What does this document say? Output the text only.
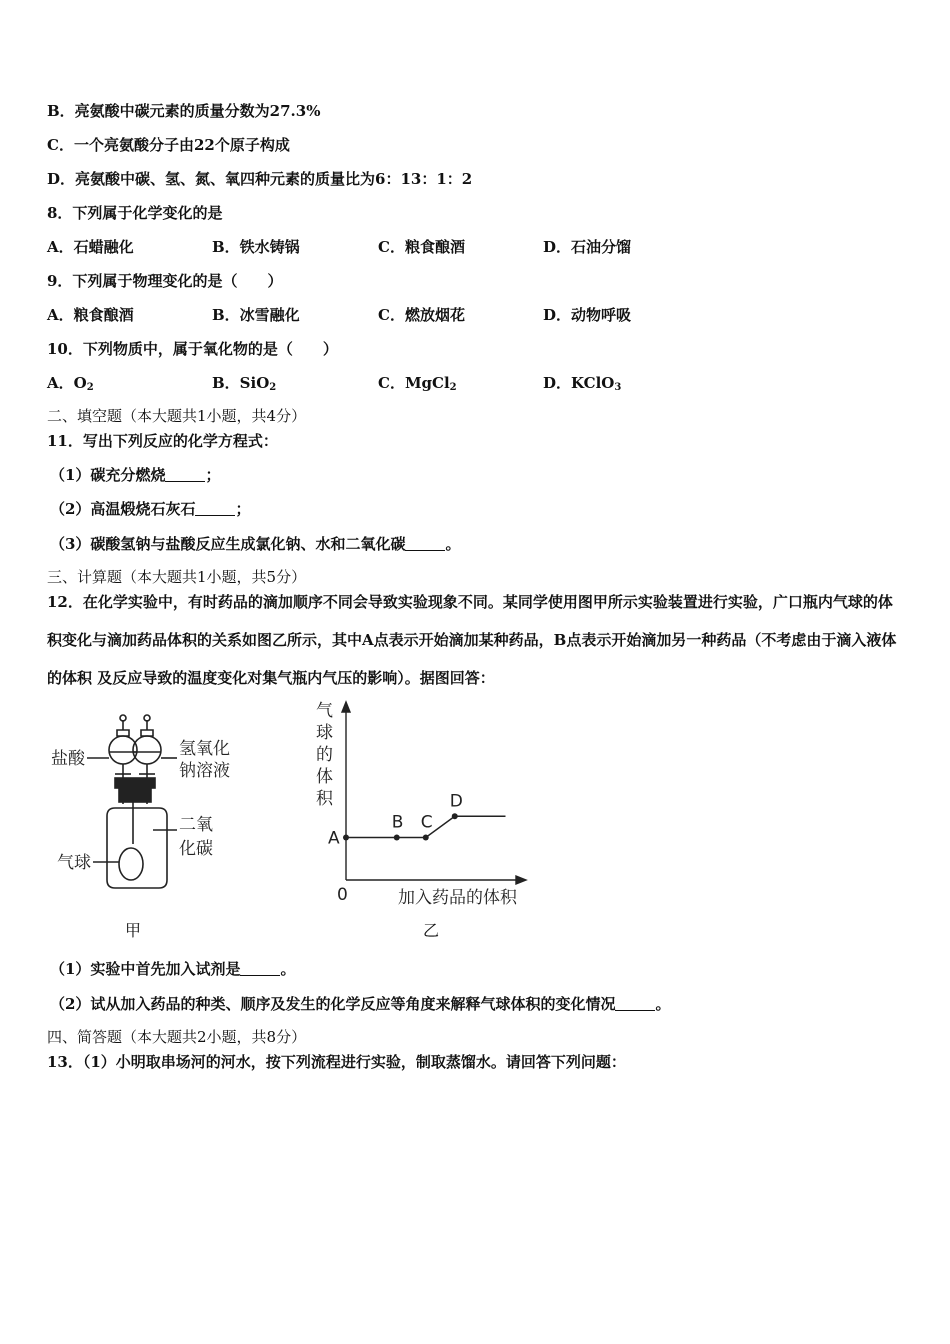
B．亮氨酸中碳元素的质量分数为27.3%
C．一个亮氨酸分子由22个原子构成
D．亮氨酸中碳、氢、氮、氧四种元素的质量比为6：13：1：2
8．下列属于化学变化的是
A．石蜡融化	B．铁水铸锅	C．粮食酿酒	D．石油分馏
9．下列属于物理变化的是（　　）
A．粮食酿酒	B．冰雪融化	C．燃放烟花	D．动物呼吸
10．下列物质中，属于氧化物的是（　　）
A．$O_2$	B．SiO$_2$	C．MgCl$_2$	D．KClO$_3$
二、填空题（本大题共1小题，共4分）
11．写出下列反应的化学方程式：
（1）碳充分燃烧	；
（2）高温煅烧石灰石	；
（3）碳酸氢钠与盐酸反应生成氯化钠、水和二氧化碳	。
三、计算题（本大题共1小题，共5分）
12．在化学实验中，有时药品的滴加顺序不同会导致实验现象不同。某同学使用图甲所示实验装置进行实验，广口瓶内气球的体积变化与滴加药品体积的关系如图乙所示，其中A点表示开始滴加某种药品，B点表示开始滴加另一种药品（不考虑由于滴入液体的体积 及反应导致的温度变化对集气瓶内气压的影响）。据图回答：
盐酸	氢氧化
钠溶液
二氧
化碳
气球
甲
A
B C
D
气
球
的
体
积
0	加入药品的体积
乙
（1）实验中首先加入试剂是	。
（2）试从加入药品的种类、顺序及发生的化学反应等角度来解释气球体积的变化情况	。
四、简答题（本大题共2小题，共8分）
13．（1）小明取串场河的河水，按下列流程进行实验，制取蒸馏水。请回答下列问题：
